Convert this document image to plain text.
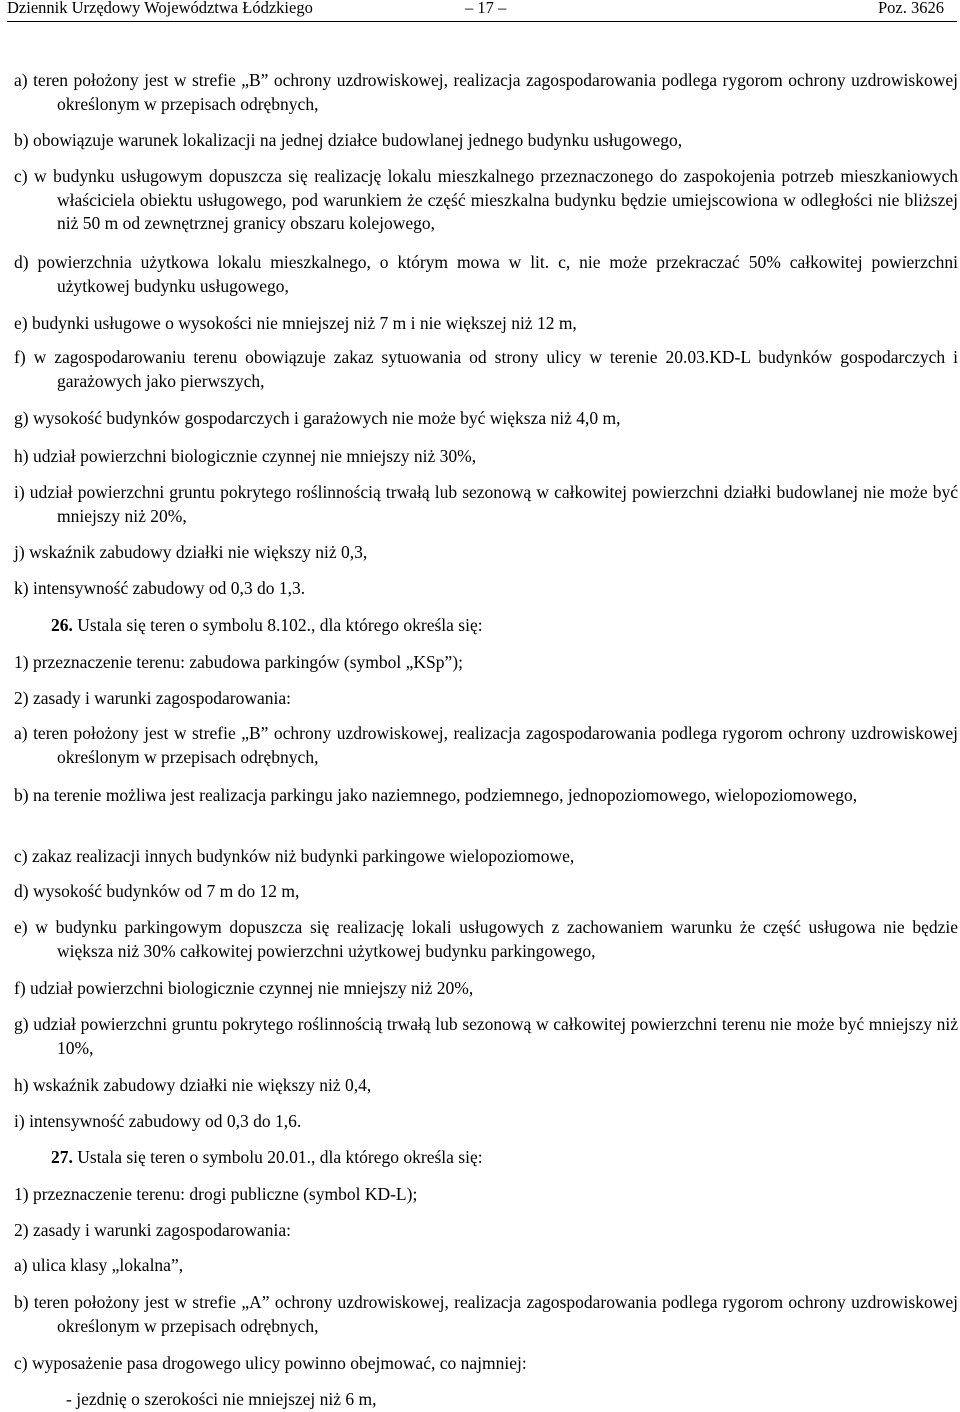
Dziennik Urzędowy Województwa Łódzkiego	– 17 –	Poz. 3626
a) teren położony jest w strefie „B” ochrony uzdrowiskowej, realizacja zagospodarowania podlega rygorom ochrony uzdrowiskowej określonym w przepisach odrębnych,
b) obowiązuje warunek lokalizacji na jednej działce budowlanej jednego budynku usługowego,
c) w budynku usługowym dopuszcza się realizację lokalu mieszkalnego przeznaczonego do zaspokojenia potrzeb mieszkaniowych właściciela obiektu usługowego, pod warunkiem że część mieszkalna budynku będzie umiejscowiona w odległości nie bliższej niż 50 m od zewnętrznej granicy obszaru kolejowego,
d) powierzchnia użytkowa lokalu mieszkalnego, o którym mowa w lit. c, nie może przekraczać 50% całkowitej powierzchni użytkowej budynku usługowego,
e) budynki usługowe o wysokości nie mniejszej niż 7 m i nie większej niż 12 m,
f) w zagospodarowaniu terenu obowiązuje zakaz sytuowania od strony ulicy w terenie 20.03.KD-L budynków gospodarczych i garażowych jako pierwszych,
g) wysokość budynków gospodarczych i garażowych nie może być większa niż 4,0 m,
h) udział powierzchni biologicznie czynnej nie mniejszy niż 30%,
i) udział powierzchni gruntu pokrytego roślinnością trwałą lub sezonową w całkowitej powierzchni działki budowlanej nie może być mniejszy niż 20%,
j) wskaźnik zabudowy działki nie większy niż 0,3,
k) intensywność zabudowy od 0,3 do 1,3.
26. Ustala się teren o symbolu 8.102., dla którego określa się:
1) przeznaczenie terenu: zabudowa parkingów (symbol „KSp”);
2) zasady i warunki zagospodarowania:
a) teren położony jest w strefie „B” ochrony uzdrowiskowej, realizacja zagospodarowania podlega rygorom ochrony uzdrowiskowej określonym w przepisach odrębnych,
b) na terenie możliwa jest realizacja parkingu jako naziemnego, podziemnego, jednopoziomowego, wielopoziomowego,
c) zakaz realizacji innych budynków niż budynki parkingowe wielopoziomowe,
d) wysokość budynków od 7 m do 12 m,
e) w budynku parkingowym dopuszcza się realizację lokali usługowych z zachowaniem warunku że część usługowa nie będzie większa niż 30% całkowitej powierzchni użytkowej budynku parkingowego,
f) udział powierzchni biologicznie czynnej nie mniejszy niż 20%,
g) udział powierzchni gruntu pokrytego roślinnością trwałą lub sezonową w całkowitej powierzchni terenu nie może być mniejszy niż 10%,
h) wskaźnik zabudowy działki nie większy niż 0,4,
i) intensywność zabudowy od 0,3 do 1,6.
27. Ustala się teren o symbolu 20.01., dla którego określa się:
1) przeznaczenie terenu: drogi publiczne (symbol KD-L);
2) zasady i warunki zagospodarowania:
a) ulica klasy „lokalna”,
b) teren położony jest w strefie „A” ochrony uzdrowiskowej, realizacja zagospodarowania podlega rygorom ochrony uzdrowiskowej określonym w przepisach odrębnych,
c) wyposażenie pasa drogowego ulicy powinno obejmować, co najmniej:
- jezdnię o szerokości nie mniejszej niż 6 m,
